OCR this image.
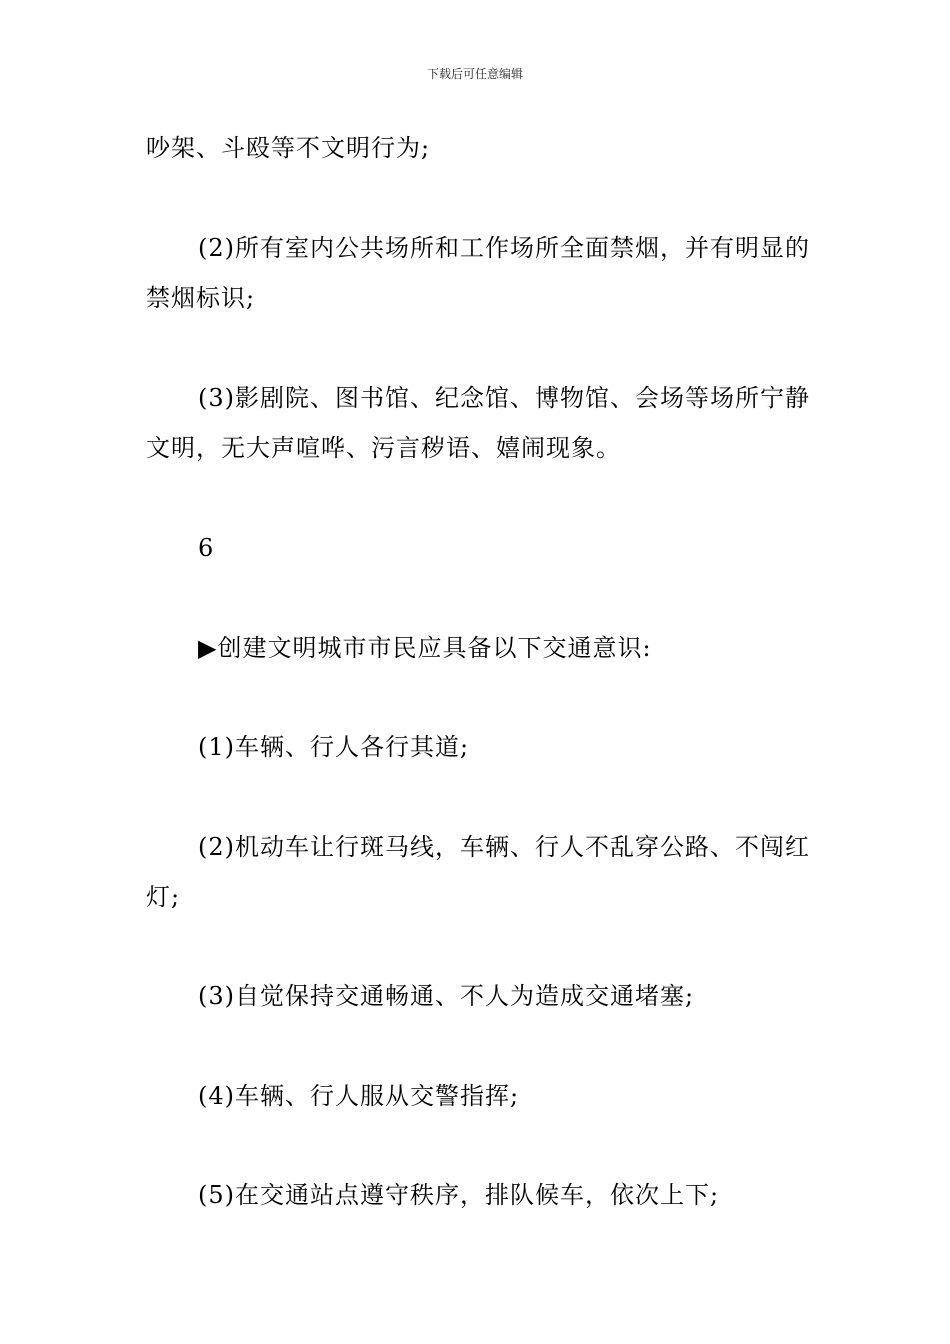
下载后可任意编辑

吵架、斗殴等不文明行为;

(2)所有室内公共场所和工作场所全面禁烟，并有明显的禁烟标识;

(3)影剧院、图书馆、纪念馆、博物馆、会场等场所宁静文明，无大声喧哗、污言秽语、嬉闹现象。

6

▶创建文明城市市民应具备以下交通意识:

(1)车辆、行人各行其道;

(2)机动车让行斑马线，车辆、行人不乱穿公路、不闯红灯;

(3)自觉保持交通畅通、不人为造成交通堵塞;

(4)车辆、行人服从交警指挥;

(5)在交通站点遵守秩序，排队候车，依次上下;
